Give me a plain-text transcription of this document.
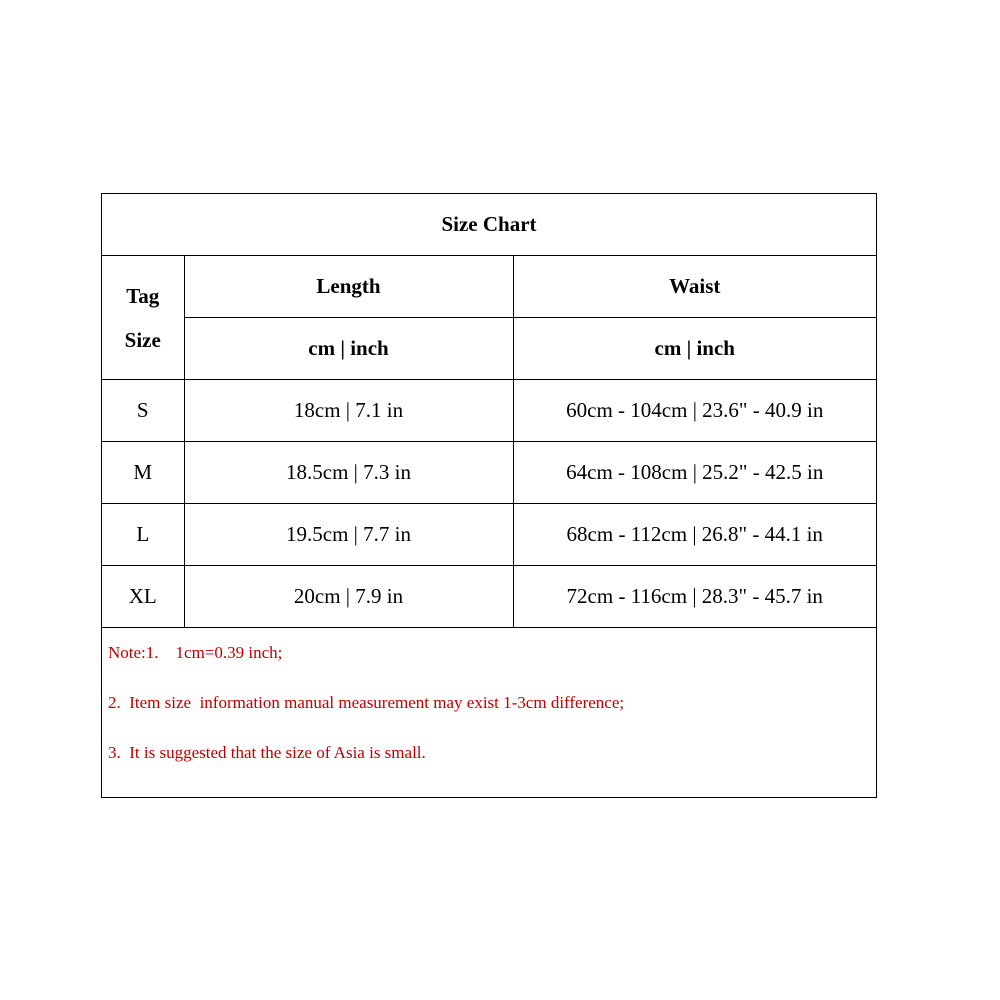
Size Chart		

Tag
Size	Length	Waist
	cm | inch	cm | inch
S	18cm | 7.1 in	60cm - 104cm | 23.6" - 40.9 in
M	18.5cm | 7.3 in	64cm - 108cm | 25.2" - 42.5 in
L	19.5cm | 7.7 in	68cm - 112cm | 26.8" - 44.1 in
XL	20cm | 7.9 in	72cm - 116cm | 28.3" - 45.7 in
Note:1.    1cm=0.39 inch;
2.  Item size  information manual measurement may exist 1-3cm difference;
3.  It is suggested that the size of Asia is small.
